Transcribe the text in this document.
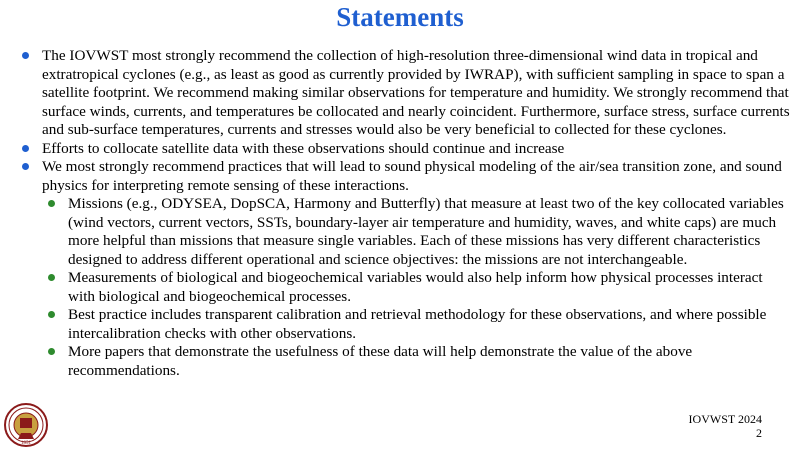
Statements

The IOVWST most strongly recommend the collection of high-resolution three-dimensional wind data in tropical and extratropical cyclones (e.g., as least as good as currently provided by IWRAP), with sufficient sampling in space to span a satellite footprint. We recommend making similar observations for temperature and humidity. We strongly recommend that surface winds, currents, and temperatures be collocated and nearly coincident. Furthermore, surface stress, surface currents and sub-surface temperatures, currents and stresses would also be very beneficial to collected for these cyclones.

Efforts to collocate satellite data with these observations should continue and increase

We most strongly recommend practices that will lead to sound physical modeling of the air/sea transition zone, and sound physics for interpreting remote sensing of these interactions.

Missions (e.g., ODYSEA, DopSCA, Harmony and Butterfly) that measure at least two of the key collocated variables (wind vectors, current vectors, SSTs, boundary-layer air temperature and humidity, waves, and white caps) are much more helpful than missions that measure single variables. Each of these missions has very different characteristics designed to address different operational and science objectives: the missions are not interchangeable.

Measurements of biological and biogeochemical variables would also help inform how physical processes interact with biological and biogeochemical processes.

Best practice includes transparent calibration and retrieval methodology for these observations, and where possible intercalibration checks with other observations.

More papers that demonstrate the usefulness of these data will help demonstrate the value of the above recommendations.

1851
IOVWST 2024
2
